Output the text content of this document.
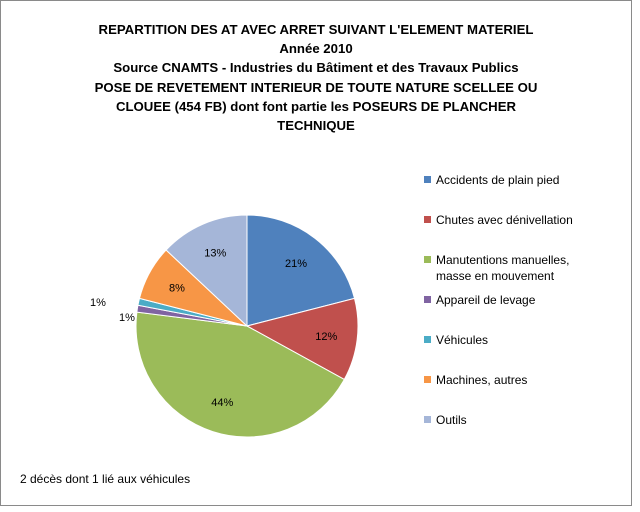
REPARTITION DES AT AVEC ARRET SUIVANT L'ELEMENT MATERIEL
Année 2010
Source CNAMTS - Industries du Bâtiment et des Travaux Publics
POSE DE REVETEMENT INTERIEUR DE TOUTE NATURE SCELLEE OU
CLOUEE (454 FB) dont font partie les POSEURS DE PLANCHER
TECHNIQUE
21%
12%
44%
1%
1%
8%
13%
Accidents de plain pied
Chutes avec dénivellation
Manutentions manuelles,
masse en mouvement
Appareil de levage
Véhicules
Machines, autres
Outils
2 décès dont 1 lié aux véhicules
